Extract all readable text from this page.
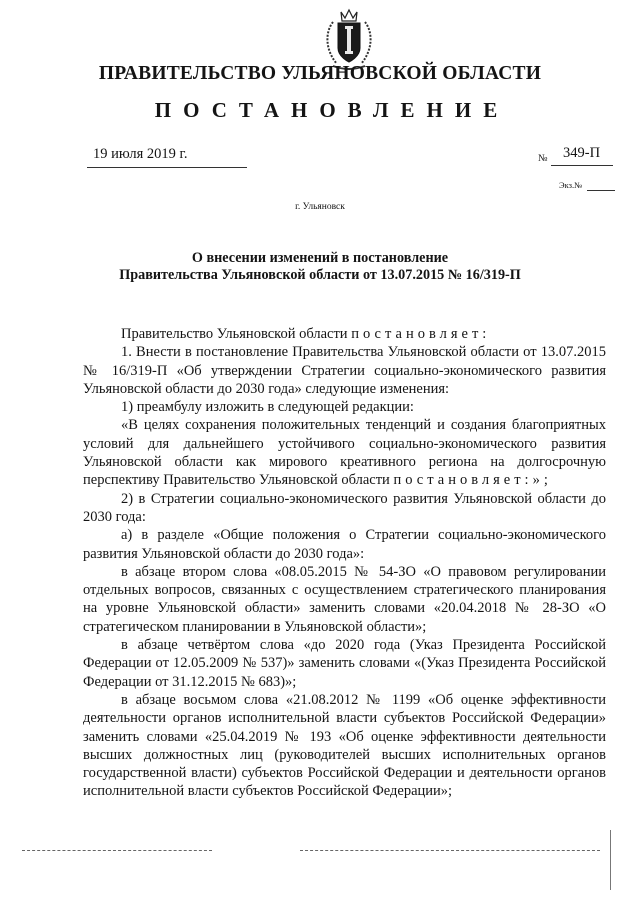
ПРАВИТЕЛЬСТВО УЛЬЯНОВСКОЙ ОБЛАСТИ
ПОСТАНОВЛЕНИЕ
19 июля 2019 г.	№ 349-П
Экз.№
г. Ульяновск
О внесении изменений в постановление
Правительства Ульяновской области от 13.07.2015 № 16/319-П

Правительство Ульяновской области постановляет:

1. Внести в постановление Правительства Ульяновской области от 13.07.2015 № 16/319-П «Об утверждении Стратегии социально-экономического развития Ульяновской области до 2030 года» следующие изменения:

1) преамбулу изложить в следующей редакции:

«В целях сохранения положительных тенденций и создания благоприятных условий для дальнейшего устойчивого социально-экономического развития Ульяновской области как мирового креативного региона на долгосрочную перспективу Правительство Ульяновской области постановляет:»;

2) в Стратегии социально-экономического развития Ульяновской области до 2030 года:

а) в разделе «Общие положения о Стратегии социально-экономического развития Ульяновской области до 2030 года»:

в абзаце втором слова «08.05.2015 № 54-ЗО «О правовом регулировании отдельных вопросов, связанных с осуществлением стратегического планирования на уровне Ульяновской области» заменить словами «20.04.2018 № 28-ЗО «О стратегическом планировании в Ульяновской области»;

в абзаце четвёртом слова «до 2020 года (Указ Президента Российской Федерации от 12.05.2009 № 537)» заменить словами «(Указ Президента Российской Федерации от 31.12.2015 № 683)»;

в абзаце восьмом слова «21.08.2012 № 1199 «Об оценке эффективности деятельности органов исполнительной власти субъектов Российской Федерации» заменить словами «25.04.2019 № 193 «Об оценке эффективности деятельности высших должностных лиц (руководителей высших исполнительных органов государственной власти) субъектов Российской Федерации и деятельности органов исполнительной власти субъектов Российской Федерации»;
